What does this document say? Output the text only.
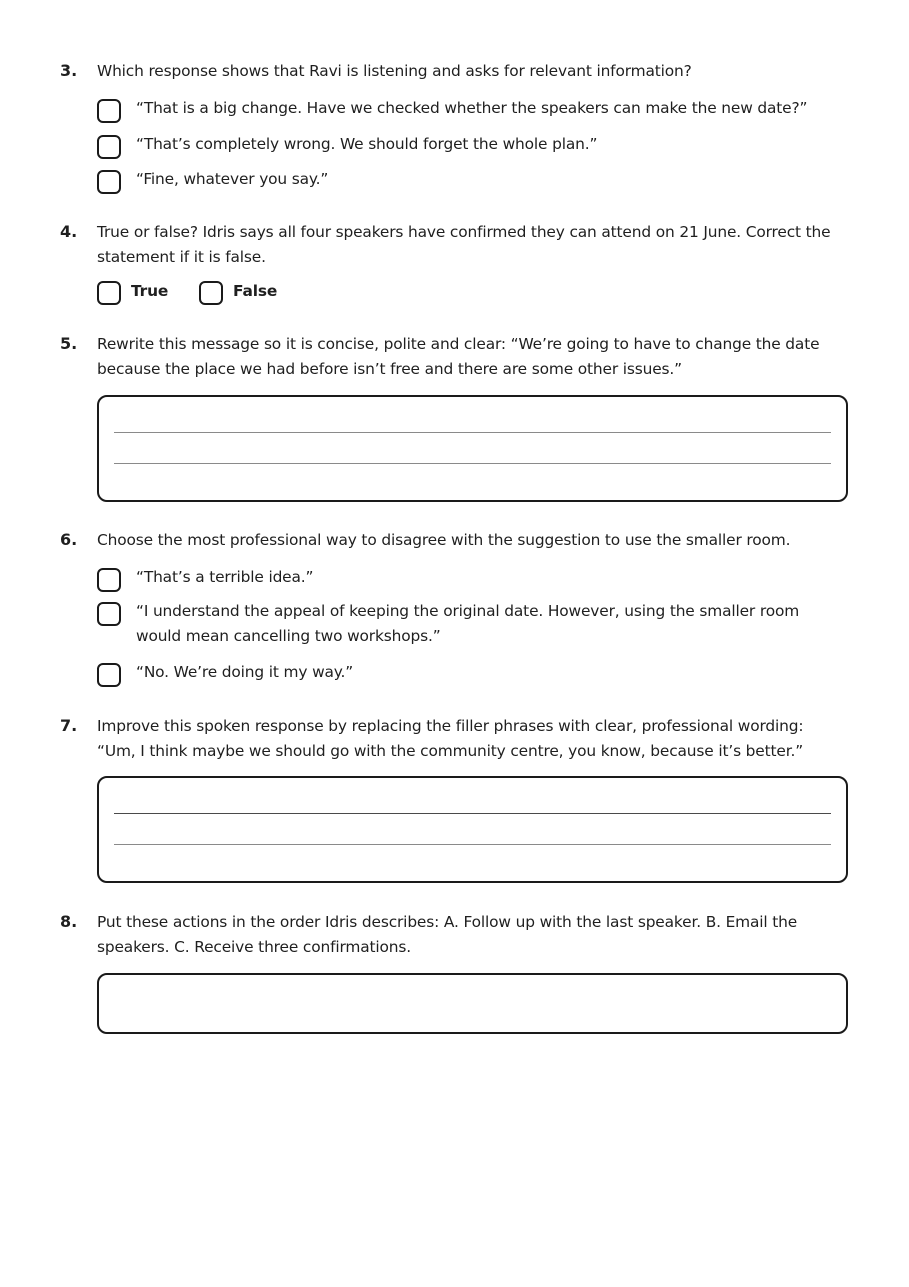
3. Which response shows that Ravi is listening and asks for relevant information?
“That is a big change. Have we checked whether the speakers can make the new date?”
“That’s completely wrong. We should forget the whole plan.”
“Fine, whatever you say.”
4. True or false? Idris says all four speakers have confirmed they can attend on 21 June. Correct the statement if it is false.
True	False
5. Rewrite this message so it is concise, polite and clear: “We’re going to have to change the date because the place we had before isn’t free and there are some other issues.”
6. Choose the most professional way to disagree with the suggestion to use the smaller room.
“That’s a terrible idea.”
“I understand the appeal of keeping the original date. However, using the smaller room would mean cancelling two workshops.”
“No. We’re doing it my way.”
7. Improve this spoken response by replacing the filler phrases with clear, professional wording: “Um, I think maybe we should go with the community centre, you know, because it’s better.”
8. Put these actions in the order Idris describes: A. Follow up with the last speaker. B. Email the speakers. C. Receive three confirmations.
